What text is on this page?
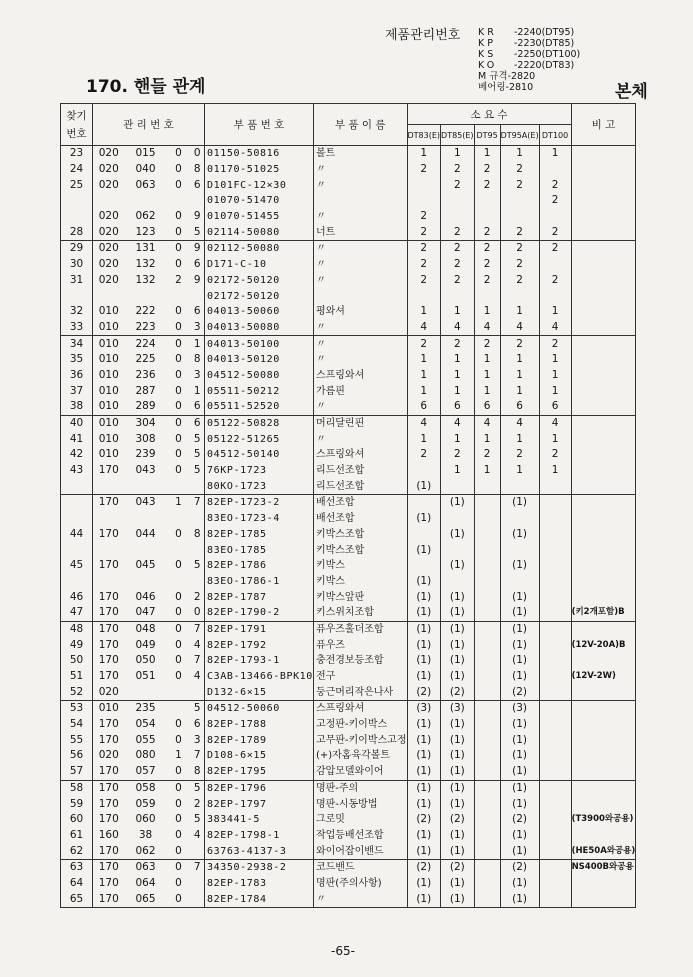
제품관리번호 KR -2240(DT95)
KP -2230(DT85)
KS -2250(DT100)
KO -2220(DT83)
M 규격-2820
베어링-2810
170. 핸들 관계	본체
찾기 번호	관 리 번 호				부 품 번 호	부 품 이 름	소 요 수					비 고
							DT83(E)	DT85(E)	DT95	DT95A(E)	DT100	
23	020	015	0	0	01150-50816	볼트	1	1	1	1	1	
24	020	040	0	8	01170-51025	〃	2	2	2	2		
25	020	063	0	6	D101FC-12×30	〃		2	2	2	2	
					01070-51470						2	
	020	062	0	9	01070-51455	〃	2					
28	020	123	0	5	02114-50080	너트	2	2	2	2	2	
29	020	131	0	9	02112-50080	〃	2	2	2	2	2	
30	020	132	0	6	D171-C-10	〃	2	2	2	2		
31	020	132	2	9	02172-50120	〃	2	2	2	2	2	
					02172-50120							
32	010	222	0	6	04013-50060	평와셔	1	1	1	1	1	
33	010	223	0	3	04013-50080	〃	4	4	4	4	4	
34	010	224	0	1	04013-50100	〃	2	2	2	2	2	
35	010	225	0	8	04013-50120	〃	1	1	1	1	1	
36	010	236	0	3	04512-50080	스프링와셔	1	1	1	1	1	
37	010	287	0	1	05511-50212	가름핀	1	1	1	1	1	
38	010	289	0	6	05511-52520	〃	6	6	6	6	6	
40	010	304	0	6	05122-50828	머리달린핀	4	4	4	4	4	
41	010	308	0	5	05122-51265	〃	1	1	1	1	1	
42	010	239	0	5	04512-50140	스프링와셔	2	2	2	2	2	
43	170	043	0	5	76KP-1723	리드선조합		1	1	1	1	
					80KO-1723	리드선조합	(1)					
	170	043	1	7	82EP-1723-2	배선조합		(1)		(1)		
					83EO-1723-4	배선조합	(1)					
44	170	044	0	8	82EP-1785	키박스조합		(1)		(1)		
					83EO-1785	키박스조합	(1)					
45	170	045	0	5	82EP-1786	키박스		(1)		(1)		
					83EO-1786-1	키박스	(1)					
46	170	046	0	2	82EP-1787	키박스앞판	(1)	(1)		(1)		
47	170	047	0	0	82EP-1790-2	키스위치조합	(1)	(1)		(1)		(키2개포함)B
48	170	048	0	7	82EP-1791	퓨우즈홀더조합	(1)	(1)		(1)		
49	170	049	0	4	82EP-1792	퓨우즈	(1)	(1)		(1)		(12V-20A)B
50	170	050	0	7	82EP-1793-1	충전경보등조합	(1)	(1)		(1)		
51	170	051	0	4	C3AB-13466-BPK10	전구	(1)	(1)		(1)		(12V-2W)
52	020				D132-6×15	둥근머리작은나사	(2)	(2)		(2)		
53	010	235		5	04512-50060	스프링와셔	(3)	(3)		(3)		
54	170	054	0	6	82EP-1788	고정판-키이박스	(1)	(1)		(1)		
55	170	055	0	3	82EP-1789	고무판-키이박스고정	(1)	(1)		(1)		
56	020	080	1	7	D108-6×15	(+)자홈육각볼트	(1)	(1)		(1)		
57	170	057	0	8	82EP-1795	감압모델와이어	(1)	(1)		(1)		
58	170	058	0	5	82EP-1796	명판-주의	(1)	(1)		(1)		
59	170	059	0	2	82EP-1797	명판-시동방법	(1)	(1)		(1)		
60	170	060	0	5	383441-5	그로밋	(2)	(2)		(2)		(T3900와공용)
61	160	38	0	4	82EP-1798-1	작업등배선조합	(1)	(1)		(1)		
62	170	062	0		63763-4137-3	와이어잡이밴드	(1)	(1)		(1)		(HE50A와공용)
63	170	063	0	7	34350-2938-2	코드밴드	(2)	(2)		(2)		NS400B와공용
64	170	064	0		82EP-1783	명판(주의사항)	(1)	(1)		(1)		
65	170	065	0		82EP-1784	〃	(1)	(1)		(1)		
-65-
